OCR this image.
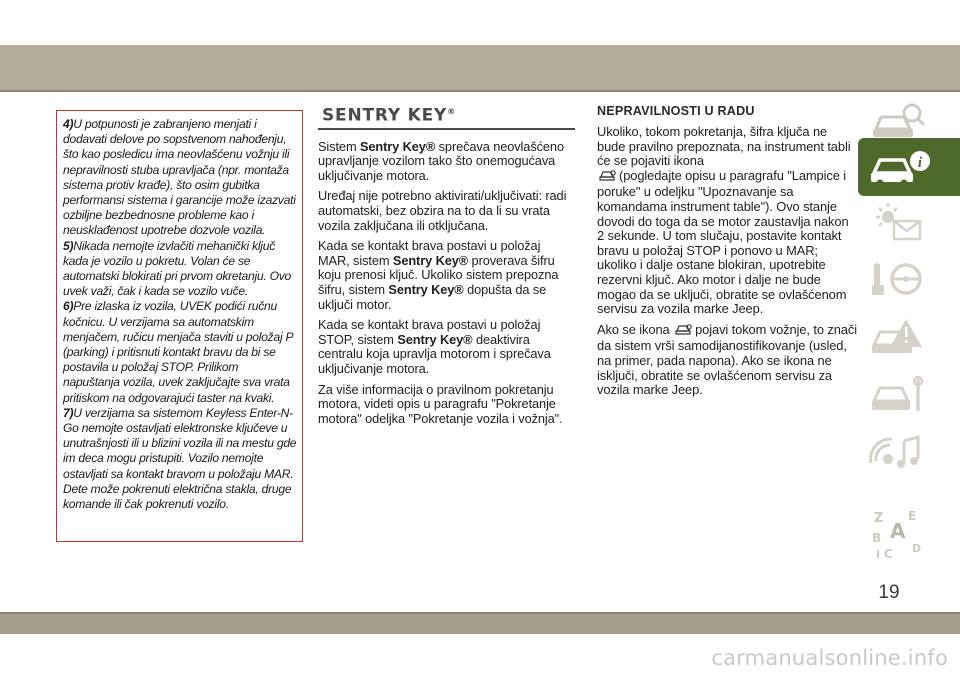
4)U potpunosti je zabranjeno menjati i dodavati delove po sopstvenom nahođenju, što kao posledicu ima neovlašćenu vožnju ili nepravilnosti stuba upravljača (npr. montaža sistema protiv krađe), što osim gubitka performansi sistema i garancije može izazvati ozbiljne bezbednosne probleme kao i neusklađenost upotrebe dozvole vozila.

5)Nikada nemojte izvlačiti mehanički ključ kada je vozilo u pokretu. Volan će se automatski blokirati pri prvom okretanju. Ovo uvek važi, čak i kada se vozilo vuče.

6)Pre izlaska iz vozila, UVEK podići ručnu kočnicu. U verzijama sa automatskim menjačem, ručicu menjača staviti u položaj P (parking) i pritisnuti kontakt bravu da bi se postavila u položaj STOP. Prilikom napuštanja vozila, uvek zaključajte sva vrata pritiskom na odgovarajući taster na kvaki.

7)U verzijama sa sistemom Keyless Enter-N-Go nemojte ostavljati elektronske ključeve u unutrašnjosti ili u blizini vozila ili na mestu gde im deca mogu pristupiti. Vozilo nemojte ostavljati sa kontakt bravom u položaju MAR. Dete može pokrenuti električna stakla, druge komande ili čak pokrenuti vozilo.

SENTRY KEY®

Sistem Sentry Key® sprečava neovlašćeno upravljanje vozilom tako što onemogućava uključivanje motora.

Uređaj nije potrebno aktivirati/uključivati: radi automatski, bez obzira na to da li su vrata vozila zaključana ili otključana.

Kada se kontakt brava postavi u položaj MAR, sistem Sentry Key® proverava šifru koju prenosi ključ. Ukoliko sistem prepozna šifru, sistem Sentry Key® dopušta da se uključi motor.

Kada se kontakt brava postavi u položaj STOP, sistem Sentry Key® deaktivira centralu koja upravlja motorom i sprečava uključivanje motora.

Za više informacija o pravilnom pokretanju motora, videti opis u paragrafu "Pokretanje motora" odeljka "Pokretanje vozila i vožnja".

NEPRAVILNOSTI U RADU

Ukoliko, tokom pokretanja, šifra ključa ne bude pravilno prepoznata, na instrument tabli će se pojaviti ikona
(pogledajte opisu u paragrafu "Lampice i poruke" u odeljku "Upoznavanje sa komandama instrument table"). Ovo stanje dovodi do toga da se motor zaustavlja nakon 2 sekunde. U tom slučaju, postavite kontakt bravu u položaj STOP i ponovo u MAR; ukoliko i dalje ostane blokiran, upotrebite rezervni ključ. Ako motor i dalje ne bude mogao da se uključi, obratite se ovlašćenom servisu za vozila marke Jeep.

Ako se ikona pojavi tokom vožnje, to znači da sistem vrši samodijanostifikovanje (usled, na primer, pada napona). Ako se ikona ne isključi, obratite se ovlašćenom servisu za vozila marke Jeep.

i
Z E
A
B
C D
I
19
carmanualsonline.info
